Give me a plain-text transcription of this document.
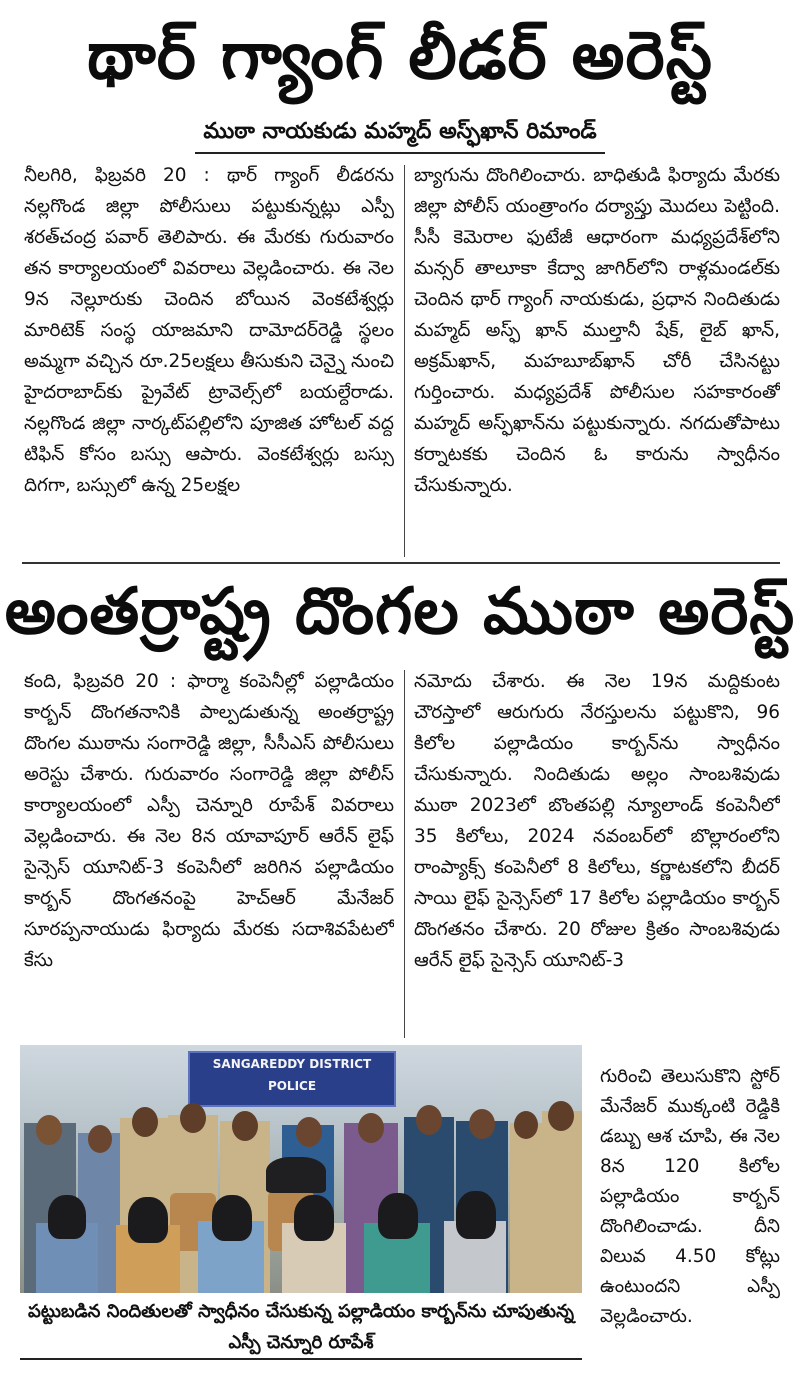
థార్ గ్యాంగ్ లీడర్ అరెస్ట్
ముఠా నాయకుడు మహ్మద్ అస్ఫ్‌ఖాన్ రిమాండ్

నీలగిరి, ఫిబ్రవరి 20 : థార్ గ్యాంగ్ లీడరను నల్లగొండ జిల్లా పోలీసులు పట్టుకున్నట్లు ఎస్పీ శరత్‌చంద్ర పవార్ తెలిపారు. ఈ మేరకు గురువారం తన కార్యాలయంలో వివరాలు వెల్లడించారు. ఈ నెల 9న నెల్లూరుకు చెందిన బోయిన వెంకటేశ్వర్లు మారిటెక్ సంస్థ యాజమాని దామోదర్‌రెడ్డి స్థలం అమ్మగా వచ్చిన రూ.25లక్షలు తీసుకుని చెన్నై నుంచి హైదరాబాద్‌కు ప్రైవేట్ ట్రావెల్స్‌లో బయల్దేరాడు. నల్లగొండ జిల్లా నార్కట్‌పల్లిలోని పూజిత హోటల్ వద్ద టిఫిన్ కోసం బస్సు ఆపారు. వెంకటేశ్వర్లు బస్సు దిగగా, బస్సులో ఉన్న 25లక్షల

బ్యాగును దొంగిలించారు. బాధితుడి ఫిర్యాదు మేరకు జిల్లా పోలీస్ యంత్రాంగం దర్యాప్తు మొదలు పెట్టింది. సీసీ కెమెరాల ఫుటేజీ ఆధారంగా మధ్యప్రదేశ్‌లోని మన్సర్ తాలూకా కేద్వా జాగిర్‌లోని రాళ్లమండల్‌కు చెందిన థార్ గ్యాంగ్ నాయకుడు, ప్రధాన నిందితుడు మహ్మద్ అస్ఫ్ ఖాన్ ముల్తానీ షేక్, లైబ్ ఖాన్, అక్రమ్‌ఖాన్, మహబూబ్‌ఖాన్ చోరీ చేసినట్టు గుర్తించారు. మధ్యప్రదేశ్ పోలీసుల సహకారంతో మహ్మద్ అస్ఫ్‌ఖాన్‌ను పట్టుకున్నారు. నగదుతోపాటు కర్నాటకకు చెందిన ఓ కారును స్వాధీనం చేసుకున్నారు.

అంతర్రాష్ట్ర దొంగల ముఠా అరెస్ట్

కంది, ఫిబ్రవరి 20 : ఫార్మా కంపెనీల్లో పల్లాడియం కార్బన్ దొంగతనానికి పాల్పడుతున్న అంతర్రాష్ట్ర దొంగల ముఠాను సంగారెడ్డి జిల్లా, సీసీఎస్ పోలీసులు అరెస్టు చేశారు. గురువారం సంగారెడ్డి జిల్లా పోలీస్ కార్యాలయంలో ఎస్పీ చెన్నూరి రూపేశ్ వివరాలు వెల్లడించారు. ఈ నెల 8న యావాపూర్ ఆరేన్ లైఫ్ సైన్సెస్ యూనిట్-3 కంపెనీలో జరిగిన పల్లాడియం కార్బన్ దొంగతనంపై హెచ్‌ఆర్ మేనేజర్ సూరప్పనాయుడు ఫిర్యాదు మేరకు సదాశివపేటలో కేసు

నమోదు చేశారు. ఈ నెల 19న మద్దికుంట చౌరస్తాలో ఆరుగురు నేరస్తులను పట్టుకొని, 96 కిలోల పల్లాడియం కార్బన్‌ను స్వాధీనం చేసుకున్నారు. నిందితుడు అల్లం సాంబశివుడు ముఠా 2023లో బొంతపల్లి న్యూలాండ్ కంపెనీలో 35 కిలోలు, 2024 నవంబర్‌లో బొల్లారంలోని రాంప్యాక్స్ కంపెనీలో 8 కిలోలు, కర్ణాటకలోని బీదర్ సాయి లైఫ్ సైన్సెస్‌లో 17 కిలోల పల్లాడియం కార్బన్ దొంగతనం చేశారు. 20 రోజుల క్రితం సాంబశివుడు ఆరేన్ లైఫ్ సైన్సెస్ యూనిట్-3

గురించి తెలుసుకొని స్టోర్ మేనేజర్ ముక్కంటి రెడ్డికి డబ్బు ఆశ చూపి, ఈ నెల 8న 120 కిలోల పల్లాడియం కార్బన్ దొంగిలించాడు. దీని విలువ 4.50 కోట్లు ఉంటుందని ఎస్పీ వెల్లడించారు.

SANGAREDDY DISTRICT
POLICE
పట్టుబడిన నిందితులతో స్వాధీనం చేసుకున్న పల్లాడియం కార్బన్‌ను చూపుతున్న ఎస్పీ చెన్నూరి రూపేశ్
